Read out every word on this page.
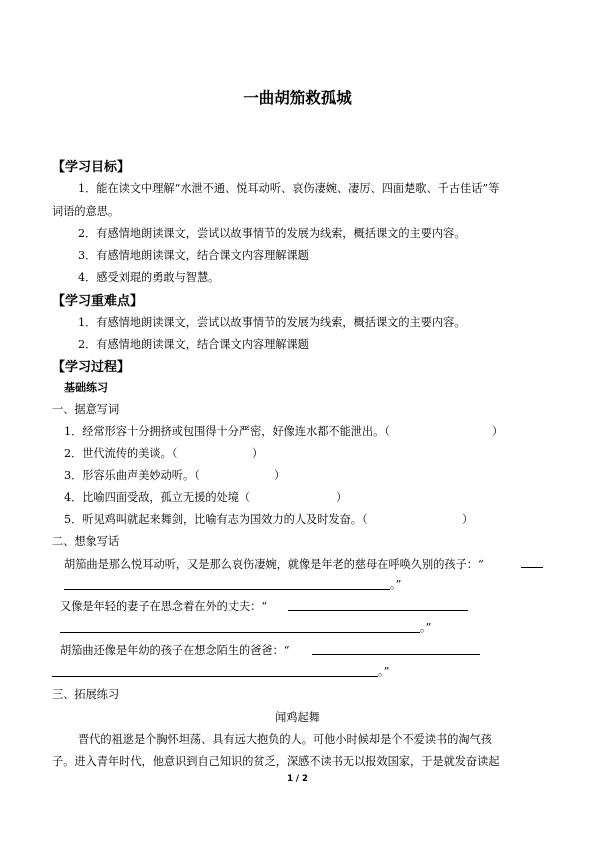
一曲胡笳救孤城
【学习目标】
1．能在读文中理解“水泄不通、悦耳动听、哀伤凄婉、凄厉、四面楚歌、千古佳话”等
词语的意思。
2．有感情地朗读课文，尝试以故事情节的发展为线索，概括课文的主要内容。
3．有感情地朗读课文，结合课文内容理解课题
4．感受刘琨的勇敢与智慧。
【学习重难点】
1．有感情地朗读课文，尝试以故事情节的发展为线索，概括课文的主要内容。
2．有感情地朗读课文，结合课文内容理解课题
【学习过程】
基础练习
一、据意写词
1．经常形容十分拥挤或包围得十分严密，好像连水都不能泄出。（	）
2．世代流传的美谈。（	）
3．形容乐曲声美妙动听。（	）
4．比喻四面受敌，孤立无援的处境（	）
5．听见鸡叫就起来舞剑，比喻有志为国效力的人及时发奋。（	）
二、想象写话
胡笳曲是那么悦耳动听，又是那么哀伤凄婉，就像是年老的慈母在呼唤久别的孩子：“
。”
又像是年轻的妻子在思念着在外的丈夫：“
。”
胡笳曲还像是年幼的孩子在想念陌生的爸爸：“
。”
三、拓展练习
闻鸡起舞
晋代的祖逖是个胸怀坦荡、具有远大抱负的人。可他小时候却是个不爱读书的淘气孩
子。进入青年时代，他意识到自己知识的贫乏，深感不读书无以报效国家，于是就发奋读起
1 / 2
